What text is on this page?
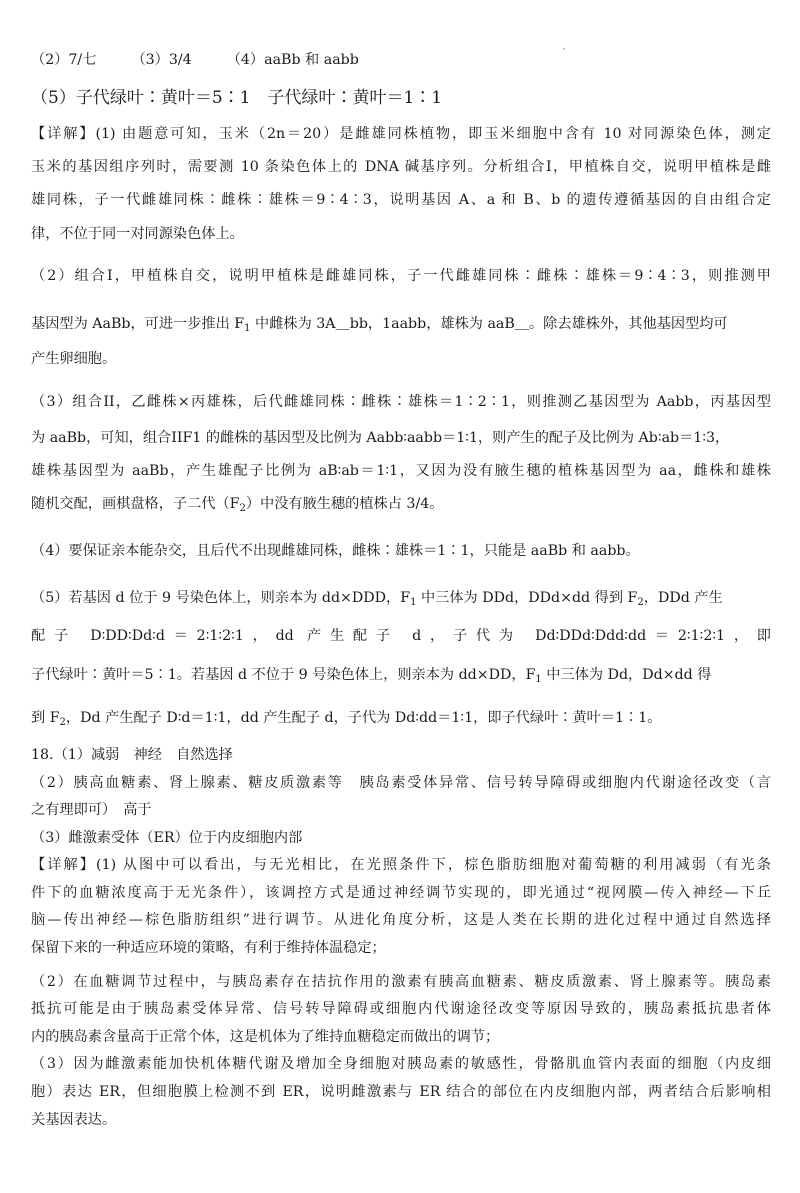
（2）7/七 （3）3/4 （4）aaBb 和 aabb
（5）子代绿叶∶黄叶＝5∶1　子代绿叶∶黄叶＝1∶1
【详解】(1) 由题意可知，玉米（2n＝20）是雌雄同株植物，即玉米细胞中含有 10 对同源染色体，测定
玉米的基因组序列时，需要测 10 条染色体上的 DNA 碱基序列。分析组合I，甲植株自交，说明甲植株是雌
雄同株，子一代雌雄同株∶雌株∶雄株＝9∶4∶3，说明基因 A、a 和 B、b 的遗传遵循基因的自由组合定
律，不位于同一对同源染色体上。
（2）组合I，甲植株自交，说明甲植株是雌雄同株，子一代雌雄同株∶雌株∶雄株＝9∶4∶3，则推测甲
基因型为 AaBb，可进一步推出 $F_1$ 中雌株为 3A＿bb，1aabb，雄株为 aaB＿。除去雄株外，其他基因型均可
产生卵细胞。
（3）组合II，乙雌株×丙雄株，后代雌雄同株∶雌株∶雄株＝1∶2∶1，则推测乙基因型为 Aabb，丙基因型
为 aaBb，可知，组合IIF1 的雌株的基因型及比例为 Aabb∶aabb＝1∶1，则产生的配子及比例为 Ab∶ab＝1∶3，
雄株基因型为 aaBb，产生雄配子比例为 aB∶ab＝1∶1，又因为没有腋生穗的植株基因型为 aa，雌株和雄株
随机交配，画棋盘格，子二代$(F_2)$中没有腋生穗的植株占 3/4。
（4）要保证亲本能杂交，且后代不出现雌雄同株，雌株∶雄株＝1∶1，只能是 aaBb 和 aabb。
（5）若基因 d 位于 9 号染色体上，则亲本为 dd×DDD，$F_1$ 中三体为 DDd，DDd×dd 得到 $F_2$，DDd 产生
配子 D∶DD∶Dd∶d＝2∶1∶2∶1，dd 产生配子 d，子代为 Dd∶DDd∶Ddd∶dd＝2∶1∶2∶1，即
子代绿叶∶黄叶＝5∶1。若基因 d 不位于 9 号染色体上，则亲本为 dd×DD，$F_1$ 中三体为 Dd，Dd×dd 得
到 $F_2$，Dd 产生配子 D∶d＝1∶1，dd 产生配子 d，子代为 Dd∶dd＝1∶1，即子代绿叶∶黄叶＝1∶1。
18.（1）减弱　神经　自然选择
（2）胰高血糖素、肾上腺素、糖皮质激素等　胰岛素受体异常、信号转导障碍或细胞内代谢途径改变（言
之有理即可）　高于
（3）雌激素受体（ER）位于内皮细胞内部
【详解】(1) 从图中可以看出，与无光相比，在光照条件下，棕色脂肪细胞对葡萄糖的利用减弱（有光条
件下的血糖浓度高于无光条件），该调控方式是通过神经调节实现的，即光通过“视网膜—传入神经—下丘
脑—传出神经—棕色脂肪组织”进行调节。从进化角度分析，这是人类在长期的进化过程中通过自然选择
保留下来的一种适应环境的策略，有利于维持体温稳定；
（2）在血糖调节过程中，与胰岛素存在拮抗作用的激素有胰高血糖素、糖皮质激素、肾上腺素等。胰岛素
抵抗可能是由于胰岛素受体异常、信号转导障碍或细胞内代谢途径改变等原因导致的，胰岛素抵抗患者体
内的胰岛素含量高于正常个体，这是机体为了维持血糖稳定而做出的调节；
（3）因为雌激素能加快机体糖代谢及增加全身细胞对胰岛素的敏感性，骨骼肌血管内表面的细胞（内皮细
胞）表达 ER，但细胞膜上检测不到 ER，说明雌激素与 ER 结合的部位在内皮细胞内部，两者结合后影响相
关基因表达。
